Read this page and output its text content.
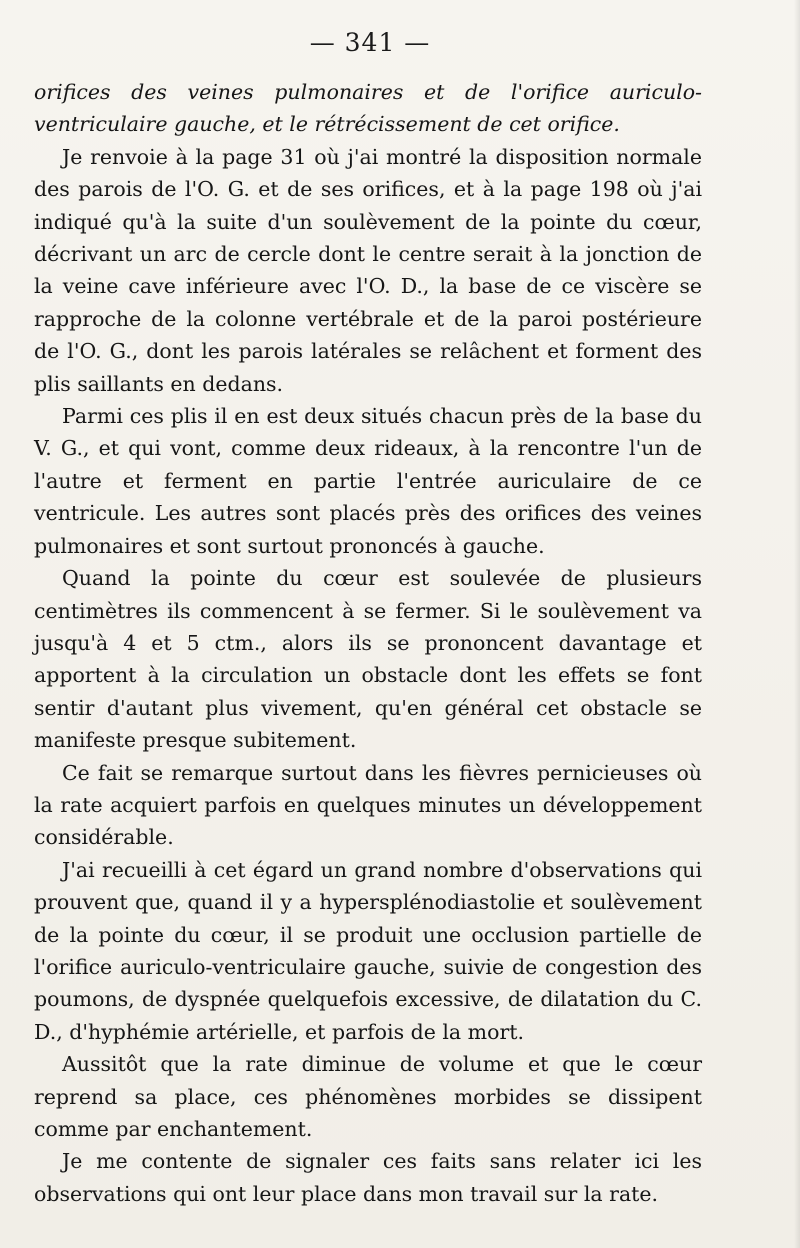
— 341 —

orifices des veines pulmonaires et de l'orifice auriculo-ventriculaire gauche, et le rétrécissement de cet orifice.

Je renvoie à la page 31 où j'ai montré la disposition normale des parois de l'O. G. et de ses orifices, et à la page 198 où j'ai indiqué qu'à la suite d'un soulèvement de la pointe du cœur, décrivant un arc de cercle dont le centre serait à la jonction de la veine cave inférieure avec l'O. D., la base de ce viscère se rapproche de la colonne vertébrale et de la paroi postérieure de l'O. G., dont les parois latérales se relâchent et forment des plis saillants en dedans.

Parmi ces plis il en est deux situés chacun près de la base du V. G., et qui vont, comme deux rideaux, à la rencontre l'un de l'autre et ferment en partie l'entrée auriculaire de ce ventricule. Les autres sont placés près des orifices des veines pulmonaires et sont surtout prononcés à gauche.

Quand la pointe du cœur est soulevée de plusieurs centimètres ils commencent à se fermer. Si le soulèvement va jusqu'à 4 et 5 ctm., alors ils se prononcent davantage et apportent à la circulation un obstacle dont les effets se font sentir d'autant plus vivement, qu'en général cet obstacle se manifeste presque subitement.

Ce fait se remarque surtout dans les fièvres pernicieuses où la rate acquiert parfois en quelques minutes un développement considérable.

J'ai recueilli à cet égard un grand nombre d'observations qui prouvent que, quand il y a hypersplénodiastolie et soulèvement de la pointe du cœur, il se produit une occlusion partielle de l'orifice auriculo-ventriculaire gauche, suivie de congestion des poumons, de dyspnée quelquefois excessive, de dilatation du C. D., d'hyphémie artérielle, et parfois de la mort.

Aussitôt que la rate diminue de volume et que le cœur reprend sa place, ces phénomènes morbides se dissipent comme par enchantement.

Je me contente de signaler ces faits sans relater ici les observations qui ont leur place dans mon travail sur la rate.
